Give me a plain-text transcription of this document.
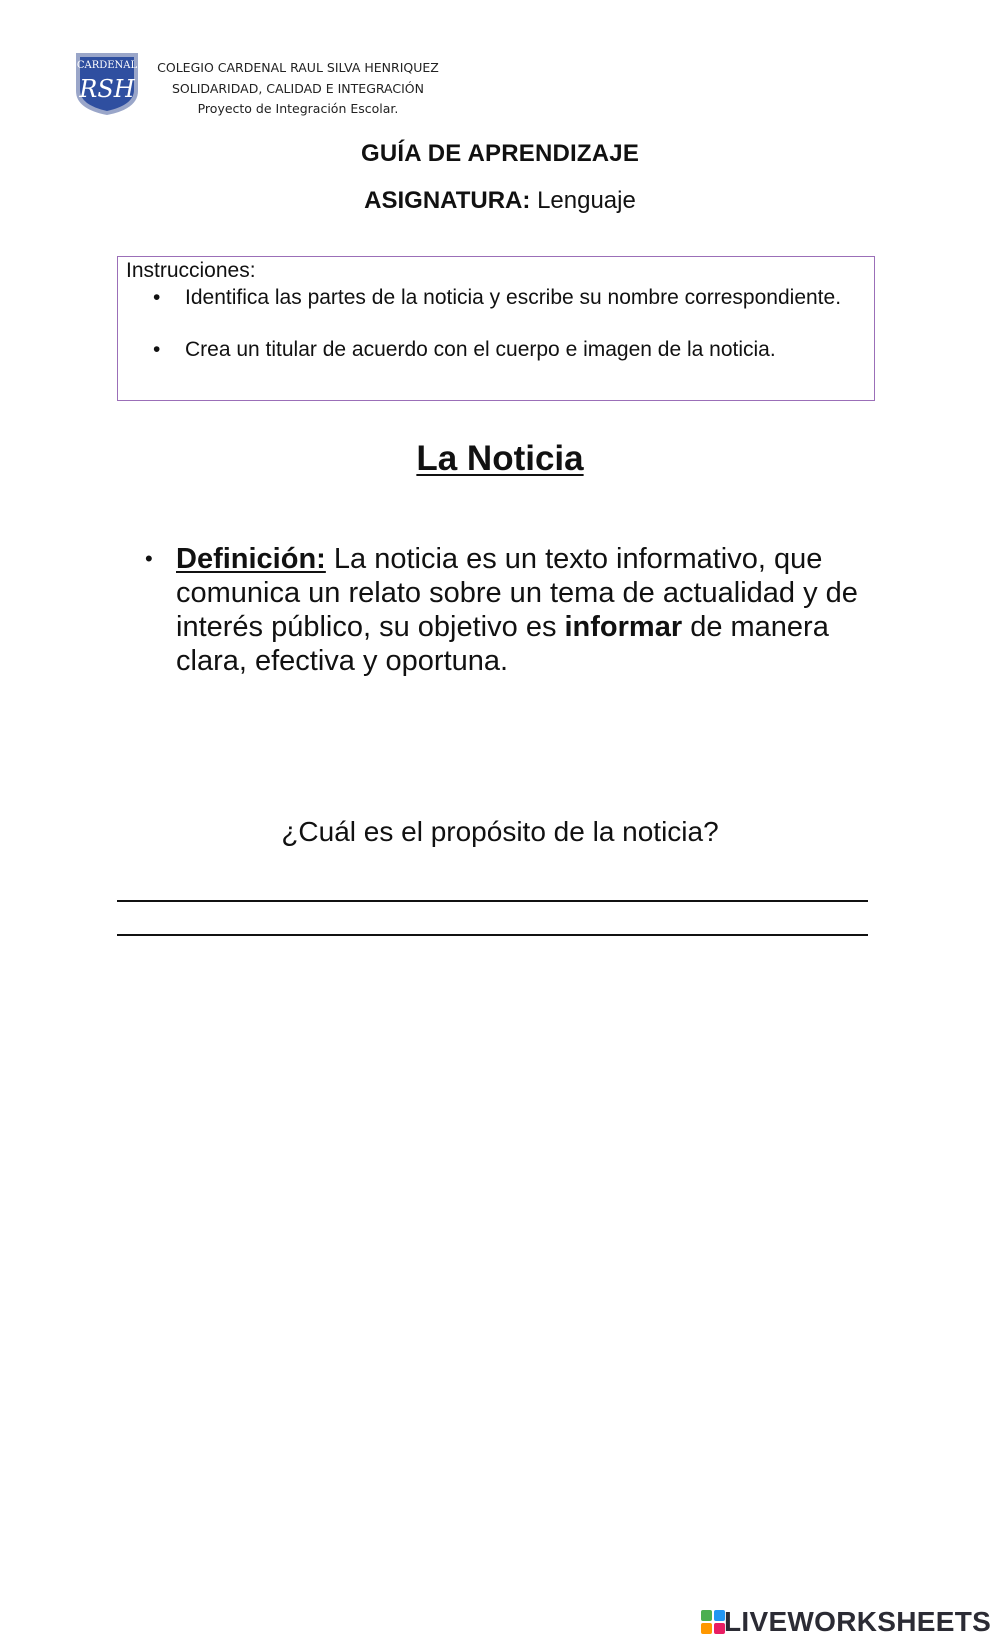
CARDENAL
RSH
COLEGIO CARDENAL RAUL SILVA HENRIQUEZ
SOLIDARIDAD, CALIDAD E INTEGRACIÓN
Proyecto de Integración Escolar.
GUÍA DE APRENDIZAJE
ASIGNATURA: Lenguaje
Instrucciones:
• Identifica las partes de la noticia y escribe su nombre correspondiente.
• Crea un titular de acuerdo con el cuerpo e imagen de la noticia.
La Noticia
• Definición: La noticia es un texto informativo, que comunica un relato sobre un tema de actualidad y de interés público, su objetivo es informar de manera clara, efectiva y oportuna.
¿Cuál es el propósito de la noticia?
LIVEWORKSHEETS
